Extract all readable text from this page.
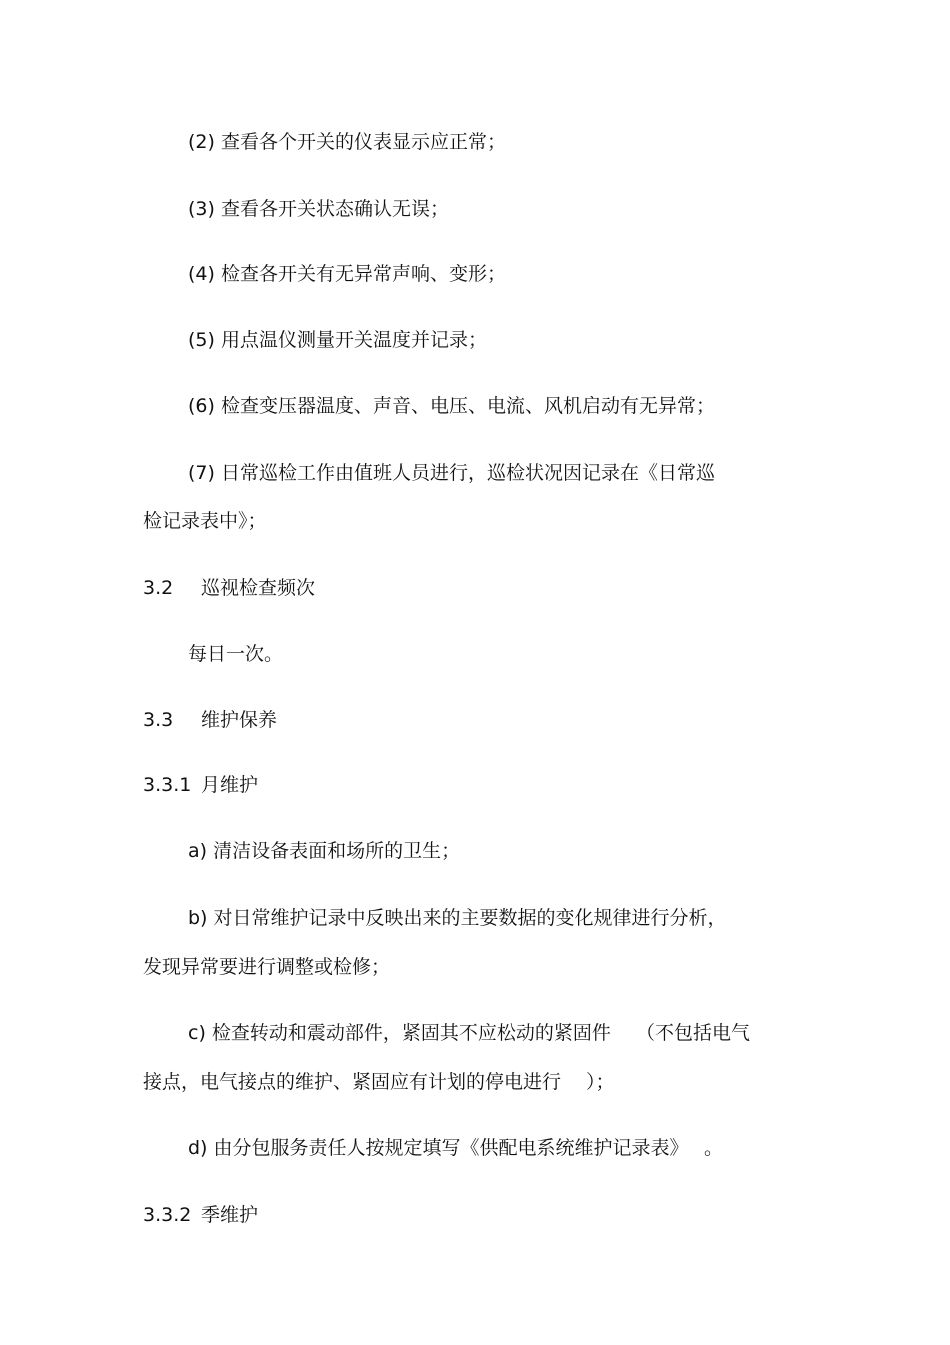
(2) 查看各个开关的仪表显示应正常；

(3) 查看各开关状态确认无误；

(4) 检查各开关有无异常声响、变形；

(5) 用点温仪测量开关温度并记录；

(6) 检查变压器温度、声音、电压、电流、风机启动有无异常；

(7) 日常巡检工作由值班人员进行，巡检状况因记录在《日常巡

检记录表中》；

3.2 巡视检查频次

每日一次。

3.3 维护保养

3.3.1 月维护

a) 清洁设备表面和场所的卫生；

b) 对日常维护记录中反映出来的主要数据的变化规律进行分析，

发现异常要进行调整或检修；

c) 检查转动和震动部件，紧固其不应松动的紧固件　 （不包括电气

接点，电气接点的维护、紧固应有计划的停电进行　 ）；

d) 由分包服务责任人按规定填写《供配电系统维护记录表》　 。

3.3.2 季维护
